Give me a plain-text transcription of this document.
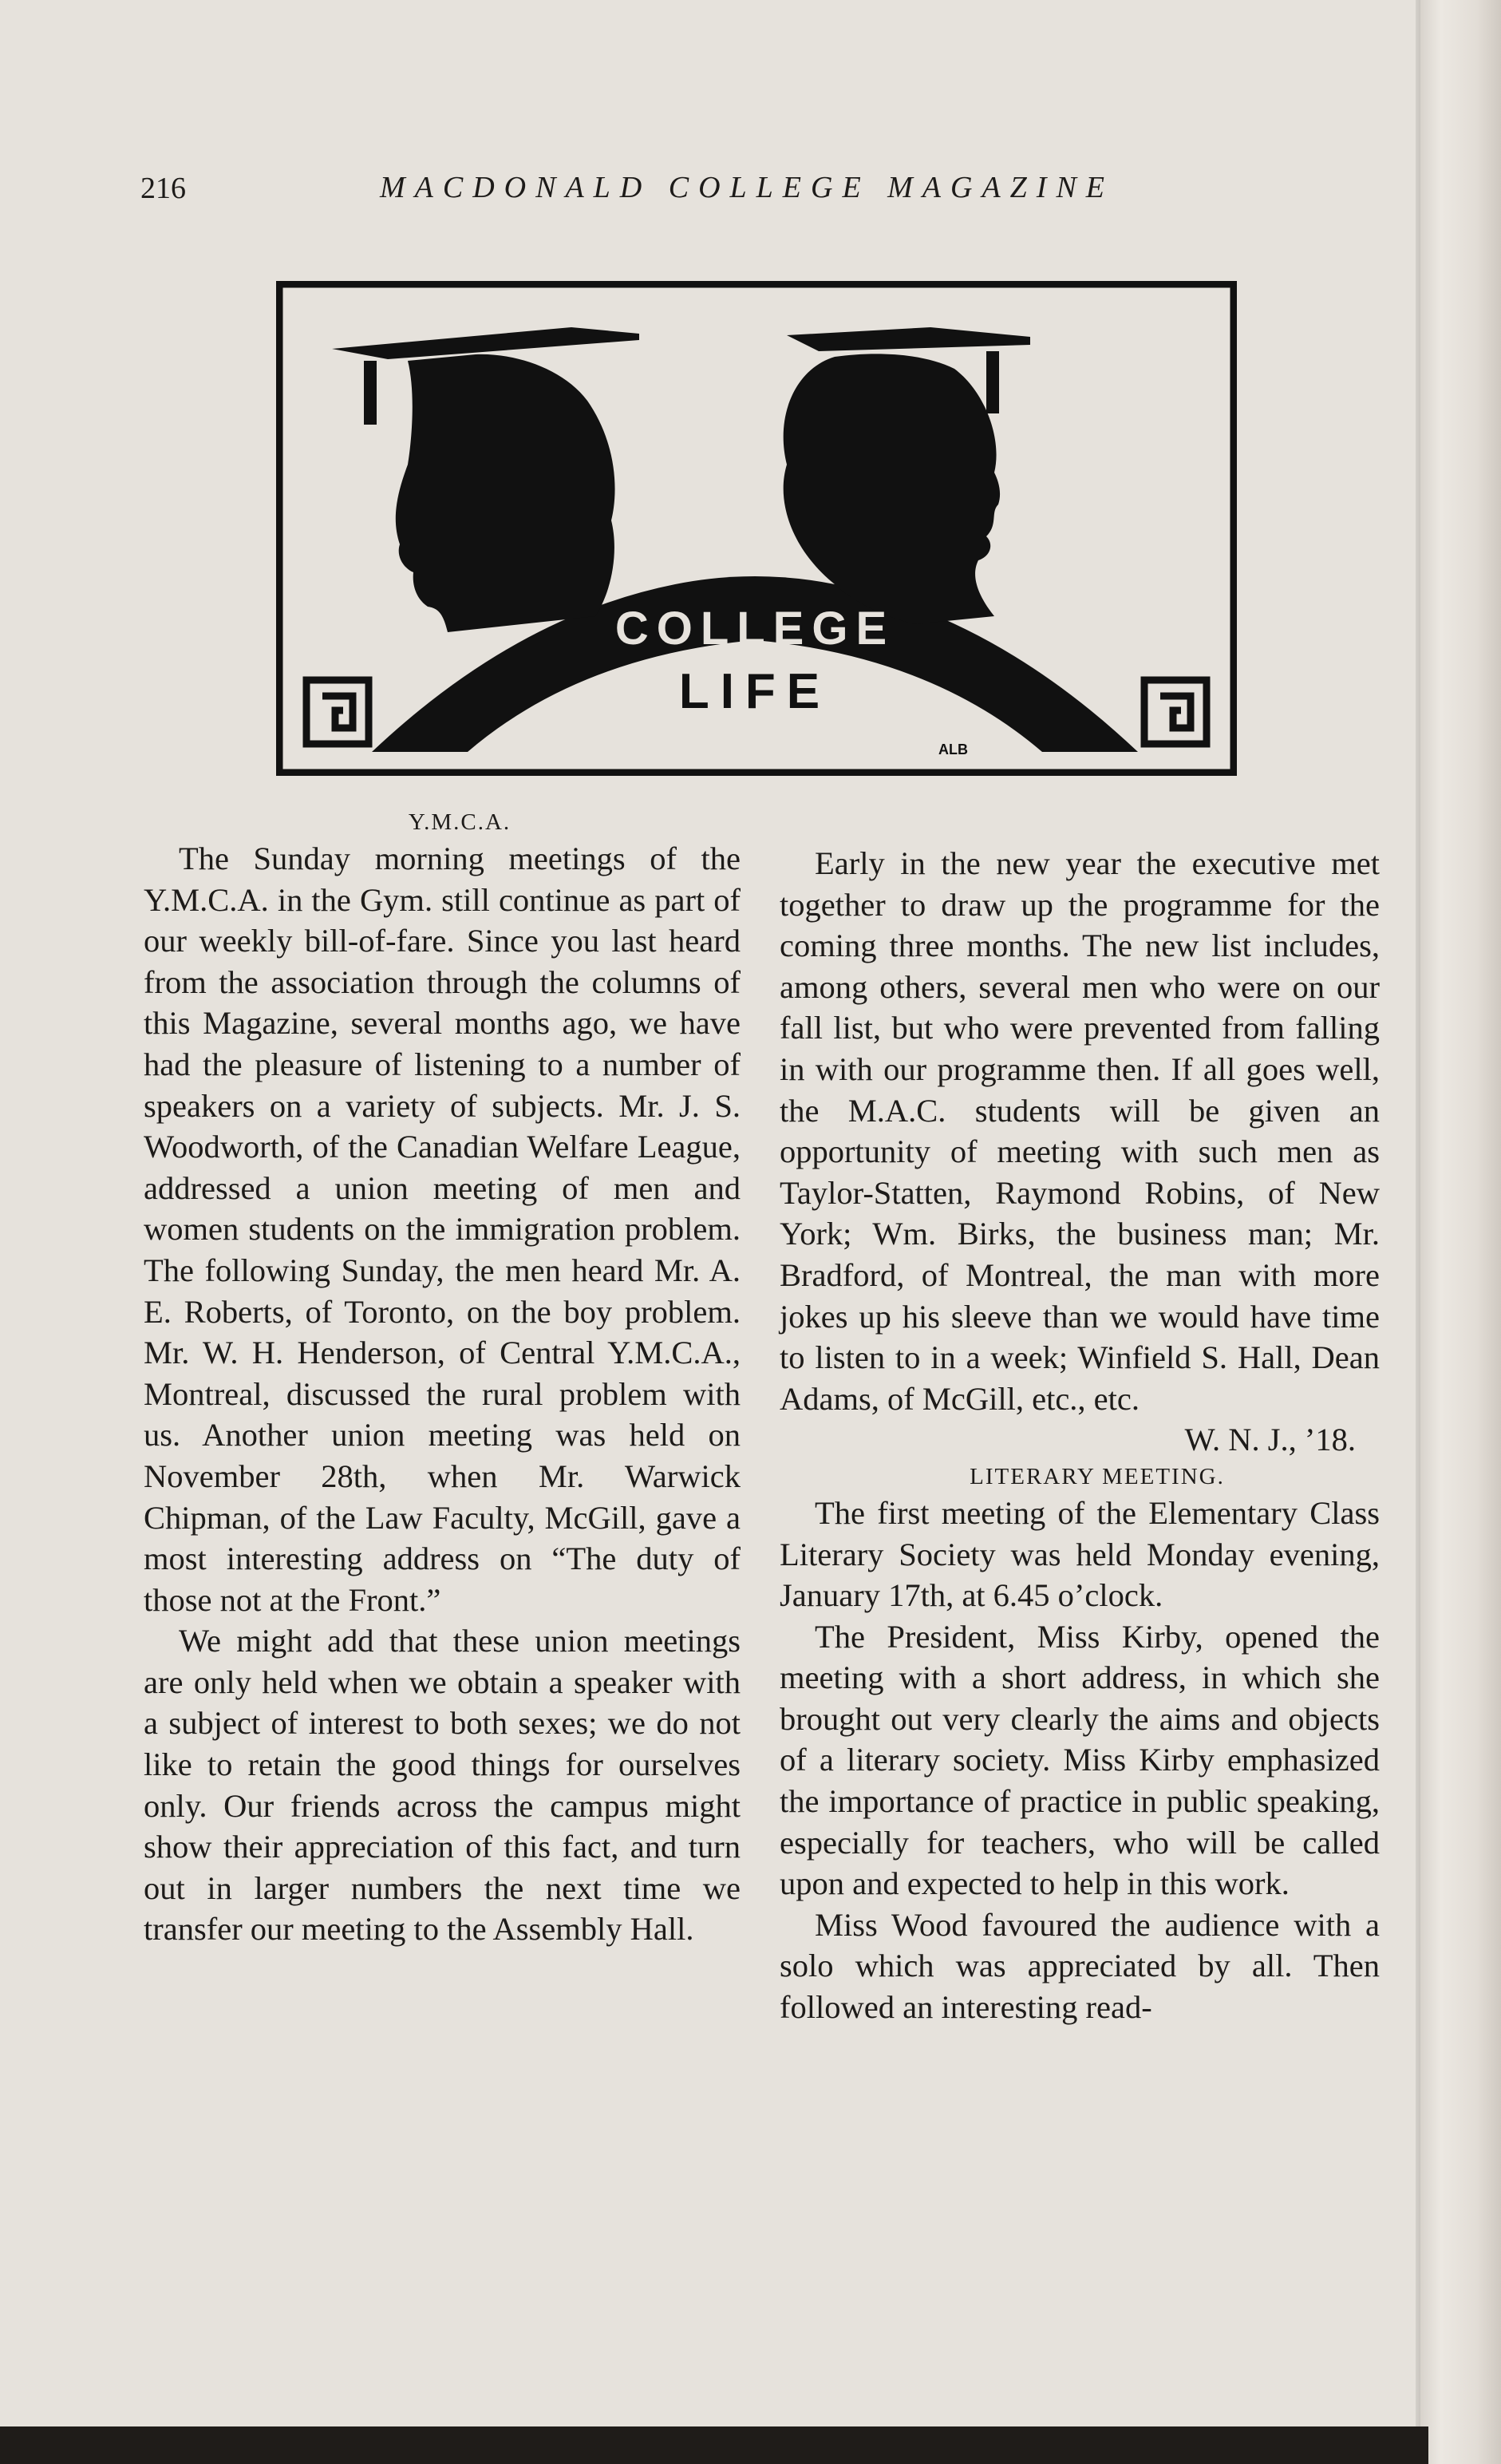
216	MACDONALD COLLEGE MAGAZINE
COLLEGE
LIFE
ALB

Y.M.C.A.

The Sunday morning meetings of the Y.M.C.A. in the Gym. still continue as part of our weekly bill-of-fare. Since you last heard from the association through the columns of this Magazine, several months ago, we have had the pleasure of listening to a number of speakers on a variety of subjects. Mr. J. S. Woodworth, of the Canadian Welfare League, addressed a union meeting of men and women students on the immigration problem. The following Sunday, the men heard Mr. A. E. Roberts, of Toronto, on the boy problem. Mr. W. H. Henderson, of Central Y.M.C.A., Montreal, discussed the rural problem with us. Another union meeting was held on November 28th, when Mr. Warwick Chipman, of the Law Faculty, McGill, gave a most interesting address on “The duty of those not at the Front.”

We might add that these union meetings are only held when we obtain a speaker with a subject of interest to both sexes; we do not like to retain the good things for ourselves only. Our friends across the campus might show their appreciation of this fact, and turn out in larger numbers the next time we transfer our meeting to the Assembly Hall.

Early in the new year the executive met together to draw up the programme for the coming three months. The new list includes, among others, several men who were on our fall list, but who were prevented from falling in with our programme then. If all goes well, the M.A.C. students will be given an opportunity of meeting with such men as Taylor-Statten, Raymond Robins, of New York; Wm. Birks, the business man; Mr. Bradford, of Montreal, the man with more jokes up his sleeve than we would have time to listen to in a week; Winfield S. Hall, Dean Adams, of McGill, etc., etc.

W. N. J., ’18.

LITERARY MEETING.

The first meeting of the Elementary Class Literary Society was held Monday evening, January 17th, at 6.45 o’clock.

The President, Miss Kirby, opened the meeting with a short address, in which she brought out very clearly the aims and objects of a literary society. Miss Kirby emphasized the importance of practice in public speaking, especially for teachers, who will be called upon and expected to help in this work.

Miss Wood favoured the audience with a solo which was appreciated by all. Then followed an interesting read-
